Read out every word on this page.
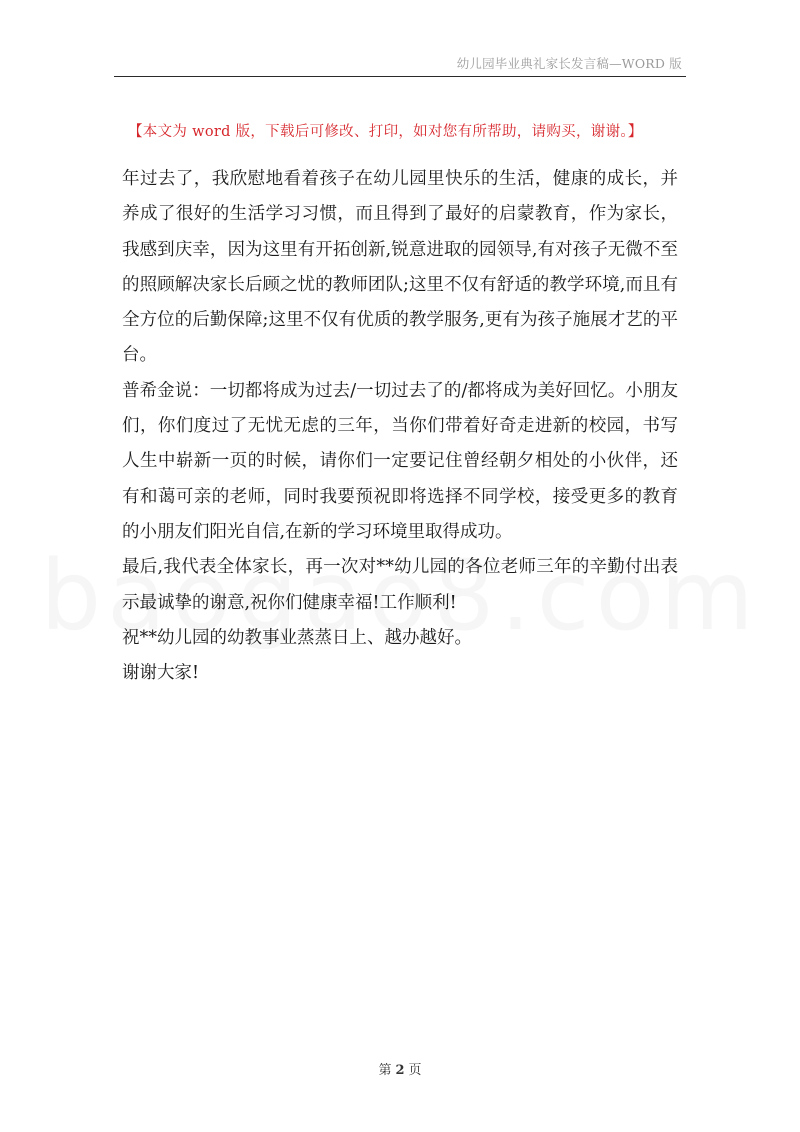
幼儿园毕业典礼家长发言稿—WORD 版
【本文为 word 版，下载后可修改、打印，如对您有所帮助，请购买，谢谢。】

年过去了，我欣慰地看着孩子在幼儿园里快乐的生活，健康的成长，并养成了很好的生活学习习惯，而且得到了最好的启蒙教育，作为家长，我感到庆幸，因为这里有开拓创新,锐意进取的园领导,有对孩子无微不至的照顾解决家长后顾之忧的教师团队;这里不仅有舒适的教学环境,而且有全方位的后勤保障;这里不仅有优质的教学服务,更有为孩子施展才艺的平台。

普希金说：一切都将成为过去/一切过去了的/都将成为美好回忆。小朋友们，你们度过了无忧无虑的三年，当你们带着好奇走进新的校园，书写人生中崭新一页的时候，请你们一定要记住曾经朝夕相处的小伙伴，还有和蔼可亲的老师，同时我要预祝即将选择不同学校，接受更多的教育的小朋友们阳光自信,在新的学习环境里取得成功。

最后,我代表全体家长，再一次对**幼儿园的各位老师三年的辛勤付出表示最诚挚的谢意,祝你们健康幸福!工作顺利!

祝**幼儿园的幼教事业蒸蒸日上、越办越好。

谢谢大家!

第 2 页
